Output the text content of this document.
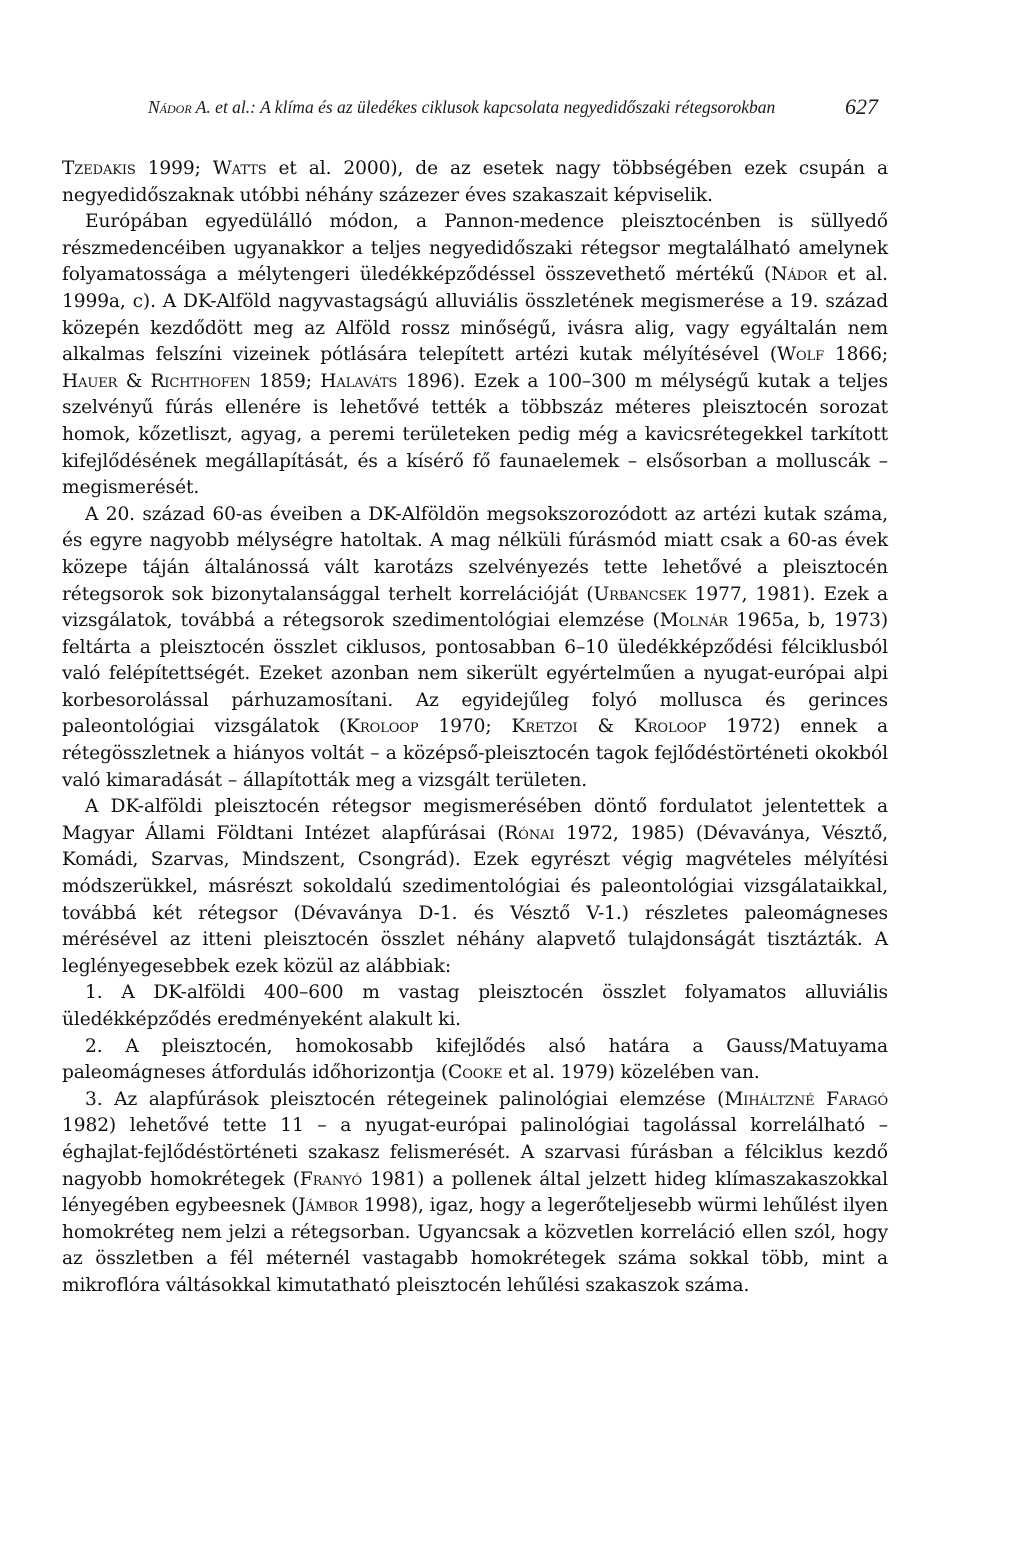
Nádor A. et al.: A klíma és az üledékes ciklusok kapcsolata negyedidőszaki rétegsorokban	627

Tzedakis 1999; Watts et al. 2000), de az esetek nagy többségében ezek csupán a negyedidőszaknak utóbbi néhány százezer éves szakaszait képviselik.

Európában egyedülálló módon, a Pannon-medence pleisztocénben is süllyedő részmedencéiben ugyanakkor a teljes negyedidőszaki rétegsor megtalálható amelynek folyamatossága a mélytengeri üledékképződéssel összevethető mértékű (Nádor et al. 1999a, c). A DK-Alföld nagyvastagságú alluviális összletének megismerése a 19. század közepén kezdődött meg az Alföld rossz minőségű, ivásra alig, vagy egyáltalán nem alkalmas felszíni vizeinek pótlására telepített artézi kutak mélyítésével (Wolf 1866; Hauer & Richthofen 1859; Halaváts 1896). Ezek a 100–300 m mélységű kutak a teljes szelvényű fúrás ellenére is lehetővé tették a többszáz méteres pleisztocén sorozat homok, kőzetliszt, agyag, a peremi területeken pedig még a kavicsrétegekkel tarkított kifejlődésének megállapítását, és a kísérő fő faunaelemek – elsősorban a molluscák – megismerését.

A 20. század 60-as éveiben a DK-Alföldön megsokszorozódott az artézi kutak száma, és egyre nagyobb mélységre hatoltak. A mag nélküli fúrásmód miatt csak a 60-as évek közepe táján általánossá vált karotázs szelvényezés tette lehetővé a pleisztocén rétegsorok sok bizonytalansággal terhelt korrelációját (Urbancsek 1977, 1981). Ezek a vizsgálatok, továbbá a rétegsorok szedimentológiai elemzése (Molnár 1965a, b, 1973) feltárta a pleisztocén összlet ciklusos, pontosabban 6–10 üledékképződési félciklusból való felépítettségét. Ezeket azonban nem sikerült egyértelműen a nyugat-európai alpi korbesorolással párhuzamosítani. Az egyidejűleg folyó mollusca és gerinces paleontológiai vizsgálatok (Kroloop 1970; Kretzoi & Kroloop 1972) ennek a rétegösszletnek a hiányos voltát – a középső-pleisztocén tagok fejlődéstörténeti okokból való kimaradását – állapították meg a vizsgált területen.

A DK-alföldi pleisztocén rétegsor megismerésében döntő fordulatot jelentettek a Magyar Állami Földtani Intézet alapfúrásai (Rónai 1972, 1985) (Dévaványa, Vésztő, Komádi, Szarvas, Mindszent, Csongrád). Ezek egyrészt végig magvételes mélyítési módszerükkel, másrészt sokoldalú szedimentológiai és paleontológiai vizsgálataikkal, továbbá két rétegsor (Dévaványa D-1. és Vésztő V-1.) részletes paleomágneses mérésével az itteni pleisztocén összlet néhány alapvető tulajdonságát tisztázták. A leglényegesebbek ezek közül az alábbiak:

1. A DK-alföldi 400–600 m vastag pleisztocén összlet folyamatos alluviális üledékképződés eredményeként alakult ki.

2. A pleisztocén, homokosabb kifejlődés alsó határa a Gauss/Matuyama paleomágneses átfordulás időhorizontja (Cooke et al. 1979) közelében van.

3. Az alapfúrások pleisztocén rétegeinek palinológiai elemzése (Miháltzné Faragó 1982) lehetővé tette 11 – a nyugat-európai palinológiai tagolással korrelálható – éghajlat-fejlődéstörténeti szakasz felismerését. A szarvasi fúrásban a félciklus kezdő nagyobb homokrétegek (Franyó 1981) a pollenek által jelzett hideg klímaszakaszokkal lényegében egybeesnek (Jámbor 1998), igaz, hogy a legerőteljesebb würmi lehűlést ilyen homokréteg nem jelzi a rétegsorban. Ugyancsak a közvetlen korreláció ellen szól, hogy az összletben a fél méternél vastagabb homokrétegek száma sokkal több, mint a mikroflóra váltásokkal kimutatható pleisztocén lehűlési szakaszok száma.
